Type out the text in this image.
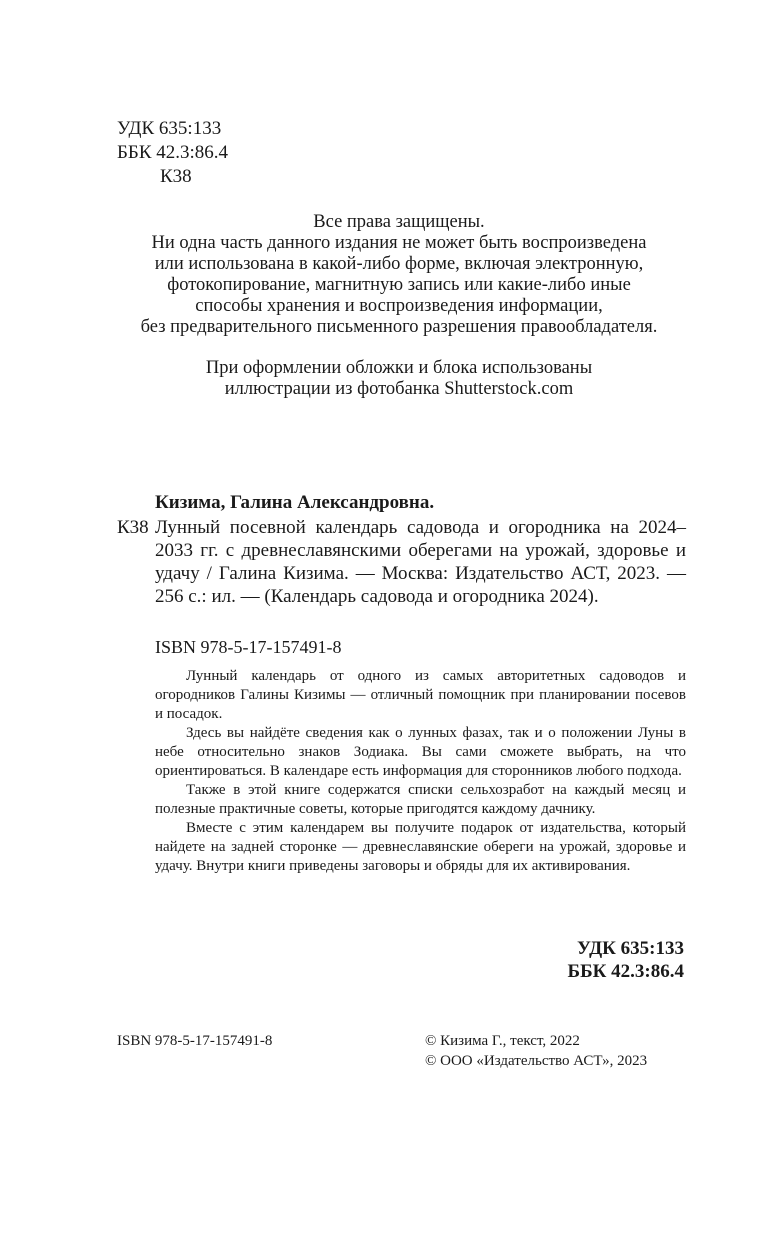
УДК 635:133
ББК 42.3:86.4
К38
Все права защищены.
Ни одна часть данного издания не может быть воспроизведена
или использована в какой-либо форме, включая электронную,
фотокопирование, магнитную запись или какие-либо иные
способы хранения и воспроизведения информации,
без предварительного письменного разрешения правообладателя.
При оформлении обложки и блока использованы
иллюстрации из фотобанка Shutterstock.com
Кизима, Галина Александровна.
К38 Лунный посевной календарь садовода и огородника на 2024–2033 гг. с древнеславянскими оберегами на урожай, здоровье и удачу / Галина Кизима. — Москва: Издательство АСТ, 2023. — 256 с.: ил. — (Календарь садовода и огородника 2024).
ISBN 978-5-17-157491-8

Лунный календарь от одного из самых авторитетных садоводов и огородников Галины Кизимы — отличный помощник при планировании посевов и посадок.

Здесь вы найдёте сведения как о лунных фазах, так и о положении Луны в небе относительно знаков Зодиака. Вы сами сможете выбрать, на что ориентироваться. В календаре есть информация для сторонников любого подхода.

Также в этой книге содержатся списки сельхозработ на каждый месяц и полезные практичные советы, которые пригодятся каждому дачнику.

Вместе с этим календарем вы получите подарок от издательства, который найдете на задней сторонке — древнеславянские обереги на урожай, здоровье и удачу. Внутри книги приведены заговоры и обряды для их активирования.

УДК 635:133
ББК 42.3:86.4
ISBN 978-5-17-157491-8	© Кизима Г., текст, 2022
© ООО «Издательство АСТ», 2023
